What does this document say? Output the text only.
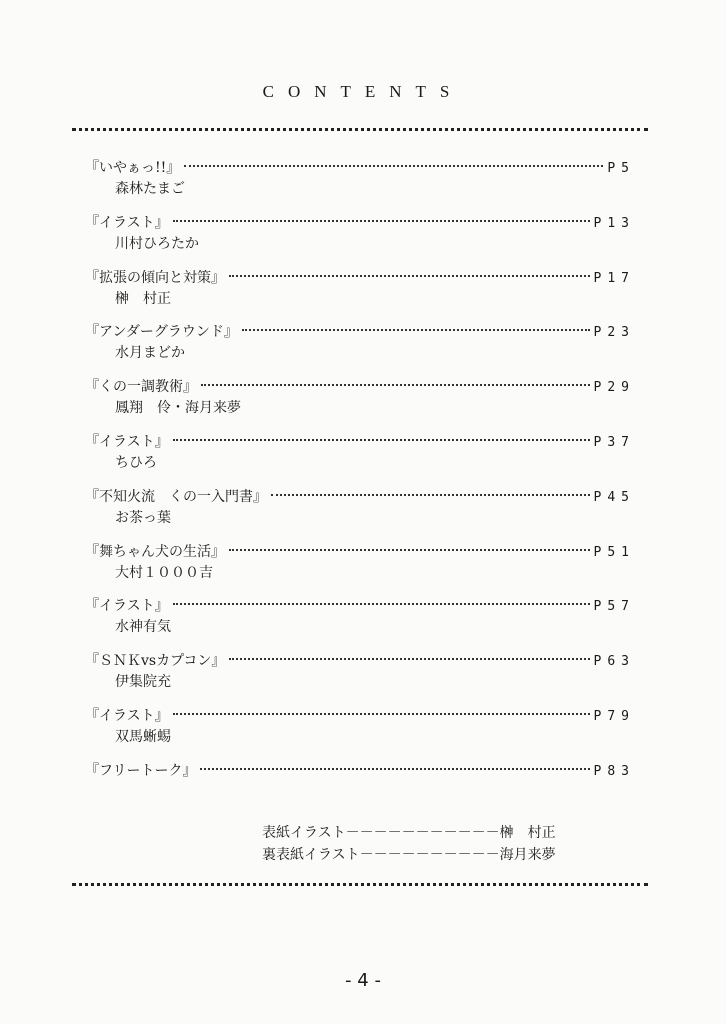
CONTENTS
『いやぁっ!!』	P5
森林たまご
『イラスト』	P13
川村ひろたか
『拡張の傾向と対策』	P17
榊　村正
『アンダーグラウンド』	P23
水月まどか
『くの一調教術』	P29
鳳翔　伶・海月来夢
『イラスト』	P37
ちひろ
『不知火流　くの一入門書』	P45
お茶っ葉
『舞ちゃん犬の生活』	P51
大村１０００吉
『イラスト』	P57
水神有気
『ＳＮＫvsカプコン』	P63
伊集院充
『イラスト』	P79
双馬蜥蜴
『フリートーク』	P83
表紙イラスト －－－－－－－－－－－ 榊　村正
裏表紙イラスト －－－－－－－－－－ 海月来夢
- 4 -
